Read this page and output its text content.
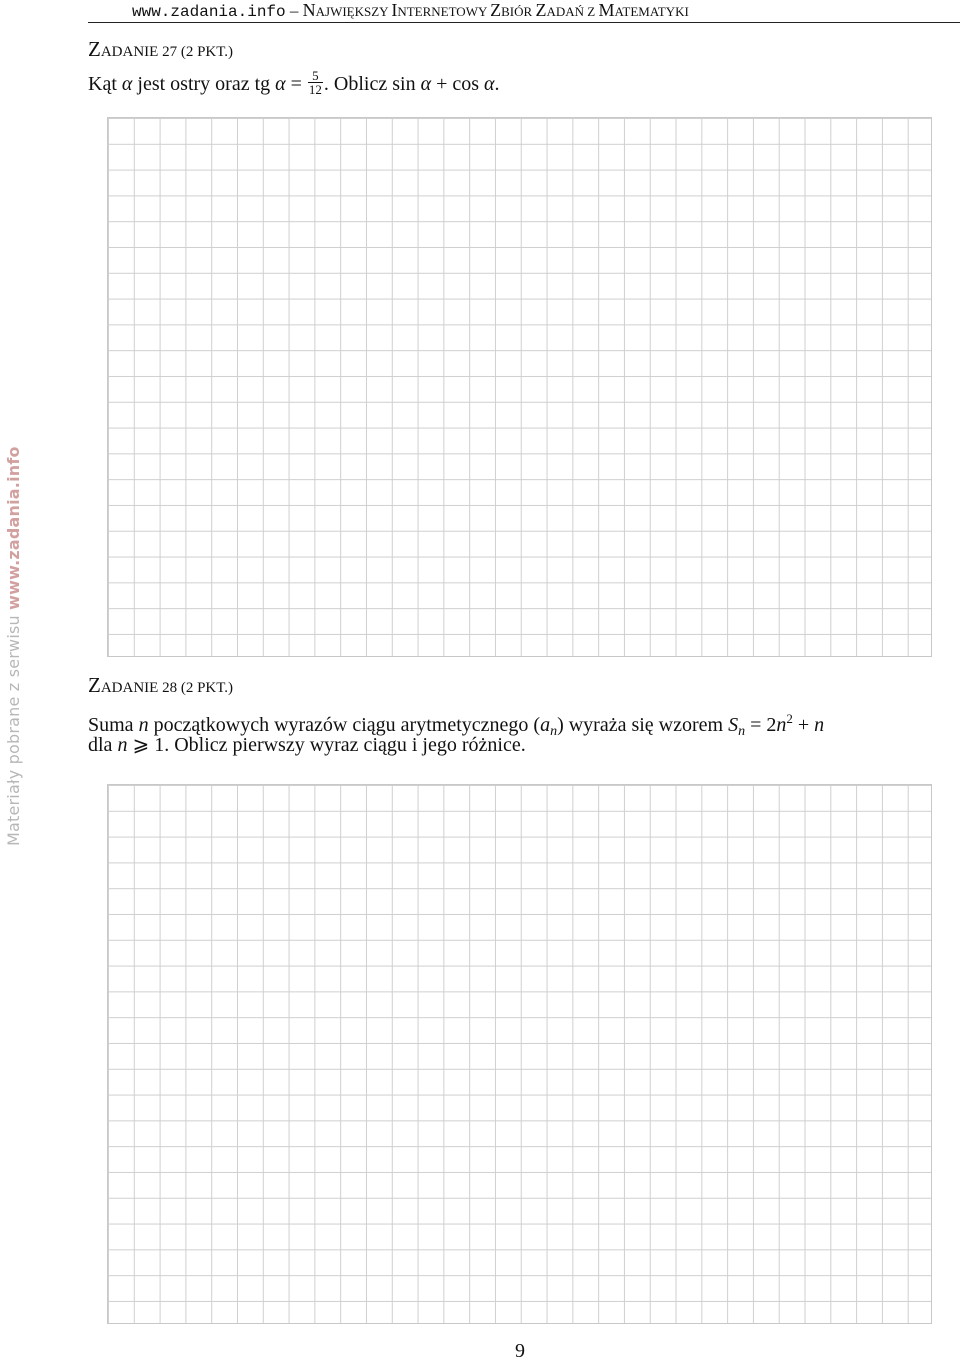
www.zadania.info – NAJWIĘKSZY INTERNETOWY ZBIÓR ZADAŃ Z MATEMATYKI
ZADANIE 27 (2 PKT.)
Kąt α jest ostry oraz tg $\alpha = \frac{5}{12}$ . Oblicz sin α + cos α.
ZADANIE 28 (2 PKT.)
Suma n początkowych wyrazów ciągu arytmetycznego $(a_n)$ wyraża się wzorem $S_n = 2n^2 + n$
dla n ⩾ 1. Oblicz pierwszy wyraz ciągu i jego różnice.
Materiały pobrane z serwisu www.zadania.info
9
